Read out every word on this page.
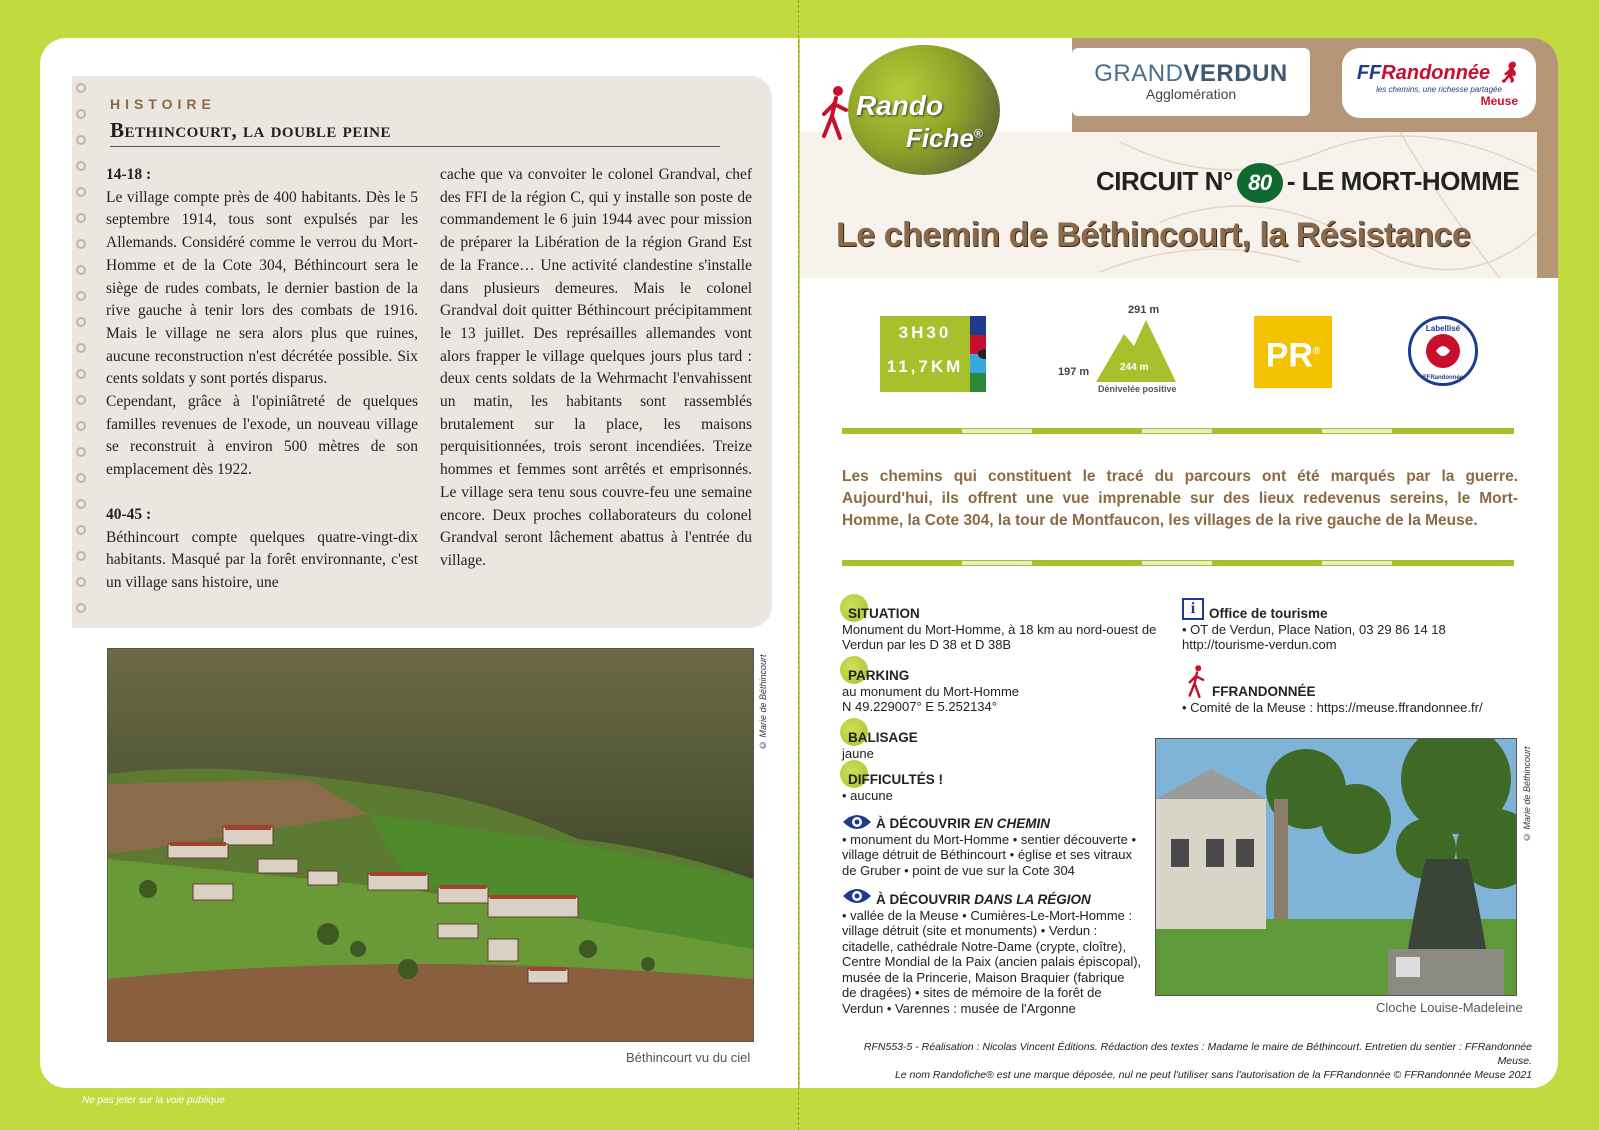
HISTOIRE
Bethincourt, la double peine

14-18 :

Le village compte près de 400 habitants. Dès le 5 septembre 1914, tous sont expulsés par les Allemands. Considéré comme le verrou du Mort-Homme et de la Cote 304, Béthincourt sera le siège de rudes combats, le dernier bastion de la rive gauche à tenir lors des combats de 1916. Mais le village ne sera alors plus que ruines, aucune reconstruction n'est décrétée possible. Six cents soldats y sont portés disparus.

Cependant, grâce à l'opiniâtreté de quelques familles revenues de l'exode, un nouveau village se reconstruit à environ 500 mètres de son emplacement dès 1922.

40-45 :

Béthincourt compte quelques quatre-vingt-dix habitants. Masqué par la forêt environnante, c'est un village sans histoire, une

cache que va convoiter le colonel Grandval, chef des FFI de la région C, qui y installe son poste de commandement le 6 juin 1944 avec pour mission de préparer la Libération de la région Grand Est de la France… Une activité clandestine s'installe dans plusieurs demeures. Mais le colonel Grandval doit quitter Béthincourt précipitamment le 13 juillet. Des représailles allemandes vont alors frapper le village quelques jours plus tard : deux cents soldats de la Wehrmacht l'envahissent un matin, les habitants sont rassemblés brutalement sur la place, les maisons perquisitionnées, trois seront incendiées. Treize hommes et femmes sont arrêtés et emprisonnés. Le village sera tenu sous couvre-feu une semaine encore. Deux proches collaborateurs du colonel Grandval seront lâchement abattus à l'entrée du village.

© Marie de Béthincourt
Béthincourt vu du ciel
Ne pas jeter sur la voie publique
Rando
Fiche®
GRANDVERDUN
Agglomération
FFRandonnée 🚶︎
les chemins, une richesse partagée
Meuse
CIRCUIT N° 80 - LE MORT-HOMME
Le chemin de Béthincourt, la Résistance
3H30
11,7KM
291 m
244 m
197 m
Dénivelée positive
PR®
Labellisé
FFRandonnée
Les chemins qui constituent le tracé du parcours ont été marqués par la guerre. Aujourd'hui, ils offrent une vue imprenable sur des lieux redevenus sereins, le Mort-Homme, la Cote 304, la tour de Montfaucon, les villages de la rive gauche de la Meuse.
SITUATION
Monument du Mort-Homme, à 18 km au nord-ouest de Verdun par les D 38 et D 38B
PARKING
au monument du Mort-Homme
N 49.229007° E 5.252134°
BALISAGE
jaune
DIFFICULTÉS !
• aucune
À DÉCOUVRIR EN CHEMIN
• monument du Mort-Homme • sentier découverte • village détruit de Béthincourt • église et ses vitraux de Gruber • point de vue sur la Cote 304
À DÉCOUVRIR DANS LA RÉGION
• vallée de la Meuse • Cumières-Le-Mort-Homme : village détruit (site et monuments) • Verdun : citadelle, cathédrale Notre-Dame (crypte, cloître), Centre Mondial de la Paix (ancien palais épiscopal), musée de la Princerie, Maison Braquier (fabrique de dragées) • sites de mémoire de la forêt de Verdun • Varennes : musée de l'Argonne
i	Office de tourisme
• OT de Verdun, Place Nation, 03 29 86 14 18
http://tourisme-verdun.com
FFRANDONNÉE
• Comité de la Meuse : https://meuse.ffrandonnee.fr/
© Marie de Béthincourt
Cloche Louise-Madeleine
RFN553-5 - Réalisation : Nicolas Vincent Éditions. Rédaction des textes : Madame le maire de Béthincourt. Entretien du sentier : FFRandonnée Meuse.
Le nom Randofiche® est une marque déposée, nul ne peut l'utiliser sans l'autorisation de la FFRandonnée © FFRandonnée Meuse 2021
